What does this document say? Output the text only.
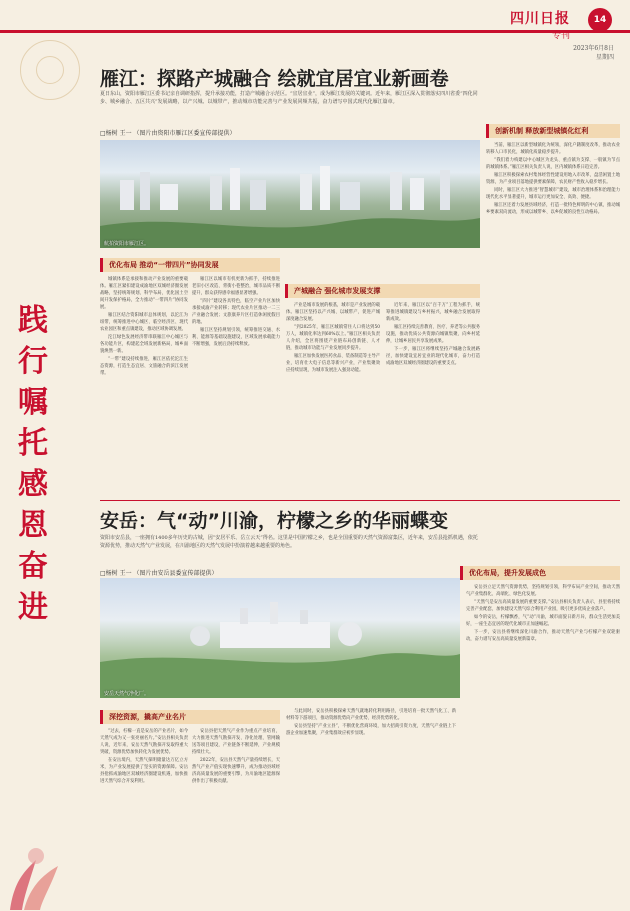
14
四川日报
专刊
2023年6月8日
星期四
践
行
嘱
托
感
恩
奋
进
雁江：探路产城融合 绘就宜居宜业新画卷

夏日东山，资阳市雁江区委书记亲自调研指挥，提升承接功能，打造产城融合示范区。“宜居宜业”，成为雁江发展的关键词。近年来，雁江区深入贯彻落实四川省委“四化同步、城乡融合、五区共兴”发展战略，以产兴城、以城带产，推动城市功能完善与产业发展同频共振，奋力谱写中国式现代化雁江篇章。

□杨树 王一 （图片由资阳市雁江区委宣传部提供）
航拍资阳市雁江区。
优化布局 推动“一带四片”协同发展
产城融合 强化城市发展支撑

城镇体系是承接和推动产业发展的重要载体。雁江区紧扣建设成渝地区双城经济圈发展战略，坚持统筹规划、科学布局，优化国土空间开发保护格局，全力推动“一带四片”协同发展。

雁江区结合资阳城市总体规划，以沱江为纽带，统筹推进中心城区、临空经济区、现代农业园区和重点镇建设，推动区域协调发展。

沱江绿色发展经济带串联雁江中心城区与各功能片区，构建起全域发展新格局，城乡面貌焕然一新。

“一带”建设持续推进，雁江区依托沱江生态资源，打造生态宜居、文旅融合的滨江发展带。

雁江区以城市有机更新为抓手，持续推进老旧小区改造、背街小巷整治，城市品质不断提升，群众获得感幸福感显著增强。

“四片”建设各具特色，临空产业片区加快承接成渝产业转移；现代农业片区推动一二三产业融合发展；文旅康养片区打造休闲度假目的地。

雁江区坚持规划引领，统筹推进交通、水利、能源等基础设施建设，区域发展承载能力不断增强，发展后劲持续释放。

产业是城市发展的根基，城市是产业发展的载体。雁江区坚持以产兴城、以城带产，促进产城深度融合发展。

“到2025年，雁江区城镇常住人口将达到50万人，城镇化率达到60%以上。”雁江区相关负责人介绍，全区将围绕产业链布局创新链、人才链，推动城市功能与产业发展同步提升。

雁江区加快发展医药食品、装备制造等主导产业，培育壮大电子信息等新兴产业，产业集聚效应持续显现，为城市发展注入强劲动能。

近年来，雁江区以“百千万”工程为抓手，统筹推进城镇建设与乡村振兴，城乡融合发展取得新成效。

雁江区持续完善教育、医疗、养老等公共服务设施，推动优质公共资源向城镇集聚、向乡村延伸，让城乡居民共享发展成果。

下一步，雁江区将继续坚持产城融合发展路径，加快建设宜居宜业的现代化城市，奋力打造成渝地区双城经济圈建设的重要支点。

创新机制 释放新型城镇化红利

当前，雁江区以新型城镇化为统领，深化户籍制度改革，推动农业转移人口市民化，城镇化质量稳步提升。

“我们着力构建以中心城区为龙头、重点镇为支撑、一般镇为节点的城镇体系。”雁江区相关负责人说，区内城镇体系日趋完善。

雁江区积极探索农村集体经营性建设用地入市改革，盘活闲置土地资源，为产业项目落地提供要素保障，农民财产性收入稳步增长。

同时，雁江区大力推进“智慧城市”建设，城市治理体系和治理能力现代化水平显著提升，城市运行更加安全、高效、便捷。

雁江区还着力发展县域经济，打造一批特色鲜明的中心镇，推动城乡要素双向流动，形成以城带乡、以乡促城的良性互动格局。

安岳：气“动”川渝，柠檬之乡的华丽蝶变

资阳市安岳县，一座拥有1400多年历史的古城，因“安居平乐、岳立云天”得名。这里是中国柠檬之乡，也是全国重要的天然气资源富集区，近年来，安岳县抢抓机遇，依托资源优势，推动天然气产业发展，在川渝地区的天然气发展中扮演着越来越重要的角色。

□杨树 王一 （图片由安岳县委宣传部提供）
安岳天然气净化厂。
深挖资源，撬高产业名片
优化布局，提升发展成色

“过去，柠檬一直是安岳的产业名片，如今天然气成为又一张亮丽名片。”安岳县相关负责人说，近年来，安岳天然气勘探开发取得重大突破，资源优势加快转化为发展优势。

在安岳境内，天然气探明储量达万亿立方米，为产业发展提供了坚实的资源保障。安岳县抢抓成渝地区双城经济圈建设机遇，加快推进天然气综合开发利用。

安岳县把天然气产业作为重点产业培育，大力推进天然气勘探开发、净化处理、管网输送等项目建设，产业链条不断延伸，产业规模持续壮大。

2022年，安岳县天然气产量持续增长，天然气产业产值实现快速攀升，成为推动县域经济高质量发展的重要引擎，为川渝地区能源保供作出了积极贡献。

与此同时，安岳县积极探索天然气就地转化利用路径，引进培育一批天然气化工、新材料等下游项目，推动资源优势向产业优势、经济优势转化。

安岳县坚持“产业立县”，不断优化营商环境，加大招商引资力度，天然气产业链上下游企业加速集聚，产业集群效应初步显现。

安岳县立足天然气资源优势，坚持规划引领，科学布局产业空间，推动天然气产业集群化、高端化、绿色化发展。

“天然气是安岳高质量发展的重要支撑。”安岳县相关负责人表示，县里将持续完善产业配套，加快建设天然气综合利用产业园，吸引更多优质企业落户。

如今的安岳，柠檬飘香，气“动”川渝，城市面貌日新月异，群众生活更加美好，一座生态宜居的现代化城市正加速崛起。

下一步，安岳县将继续深化川渝合作，推动天然气产业与柠檬产业双轮驱动，奋力谱写安岳高质量发展新篇章。
